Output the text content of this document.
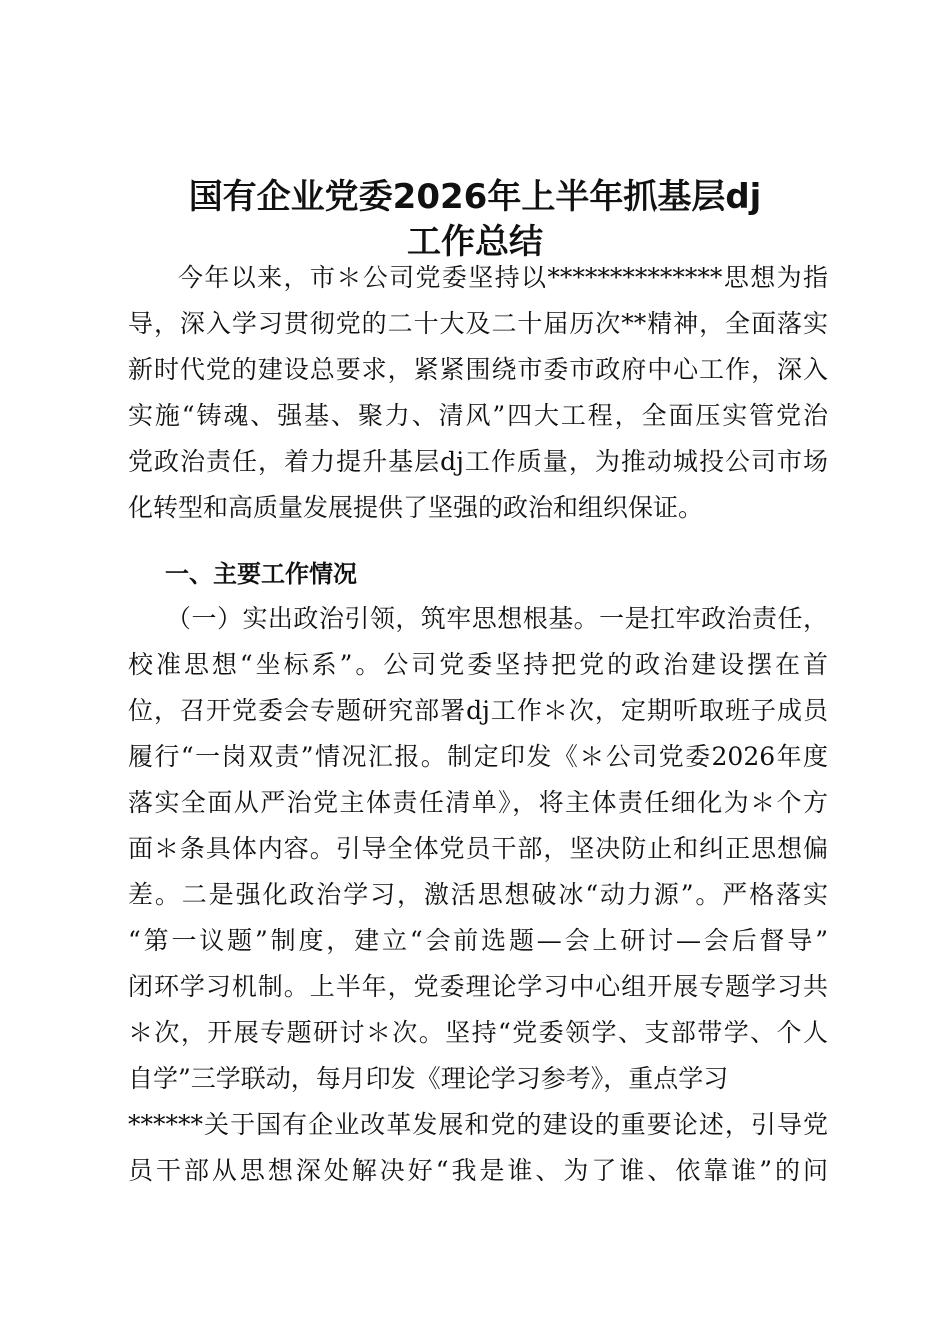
国有企业党委2026年上半年抓基层dj
工作总结
今年以来，市＊公司党委坚持以**************思想为指
导，深入学习贯彻党的二十大及二十届历次**精神，全面落实
新时代党的建设总要求，紧紧围绕市委市政府中心工作，深入
实施“铸魂、强基、聚力、清风”四大工程，全面压实管党治
党政治责任，着力提升基层dj工作质量，为推动城投公司市场
化转型和高质量发展提供了坚强的政治和组织保证。
一、主要工作情况
（一）实出政治引领，筑牢思想根基。一是扛牢政治责任，
校准思想“坐标系”。公司党委坚持把党的政治建设摆在首
位，召开党委会专题研究部署dj工作＊次，定期听取班子成员
履行“一岗双责”情况汇报。制定印发《＊公司党委2026年度
落实全面从严治党主体责任清单》，将主体责任细化为＊个方
面＊条具体内容。引导全体党员干部，坚决防止和纠正思想偏
差。二是强化政治学习，激活思想破冰“动力源”。严格落实
“第一议题”制度，建立“会前选题—会上研讨—会后督导”
闭环学习机制。上半年，党委理论学习中心组开展专题学习共
＊次，开展专题研讨＊次。坚持“党委领学、支部带学、个人
自学”三学联动，每月印发《理论学习参考》，重点学习
******关于国有企业改革发展和党的建设的重要论述，引导党
员干部从思想深处解决好“我是谁、为了谁、依靠谁”的问
